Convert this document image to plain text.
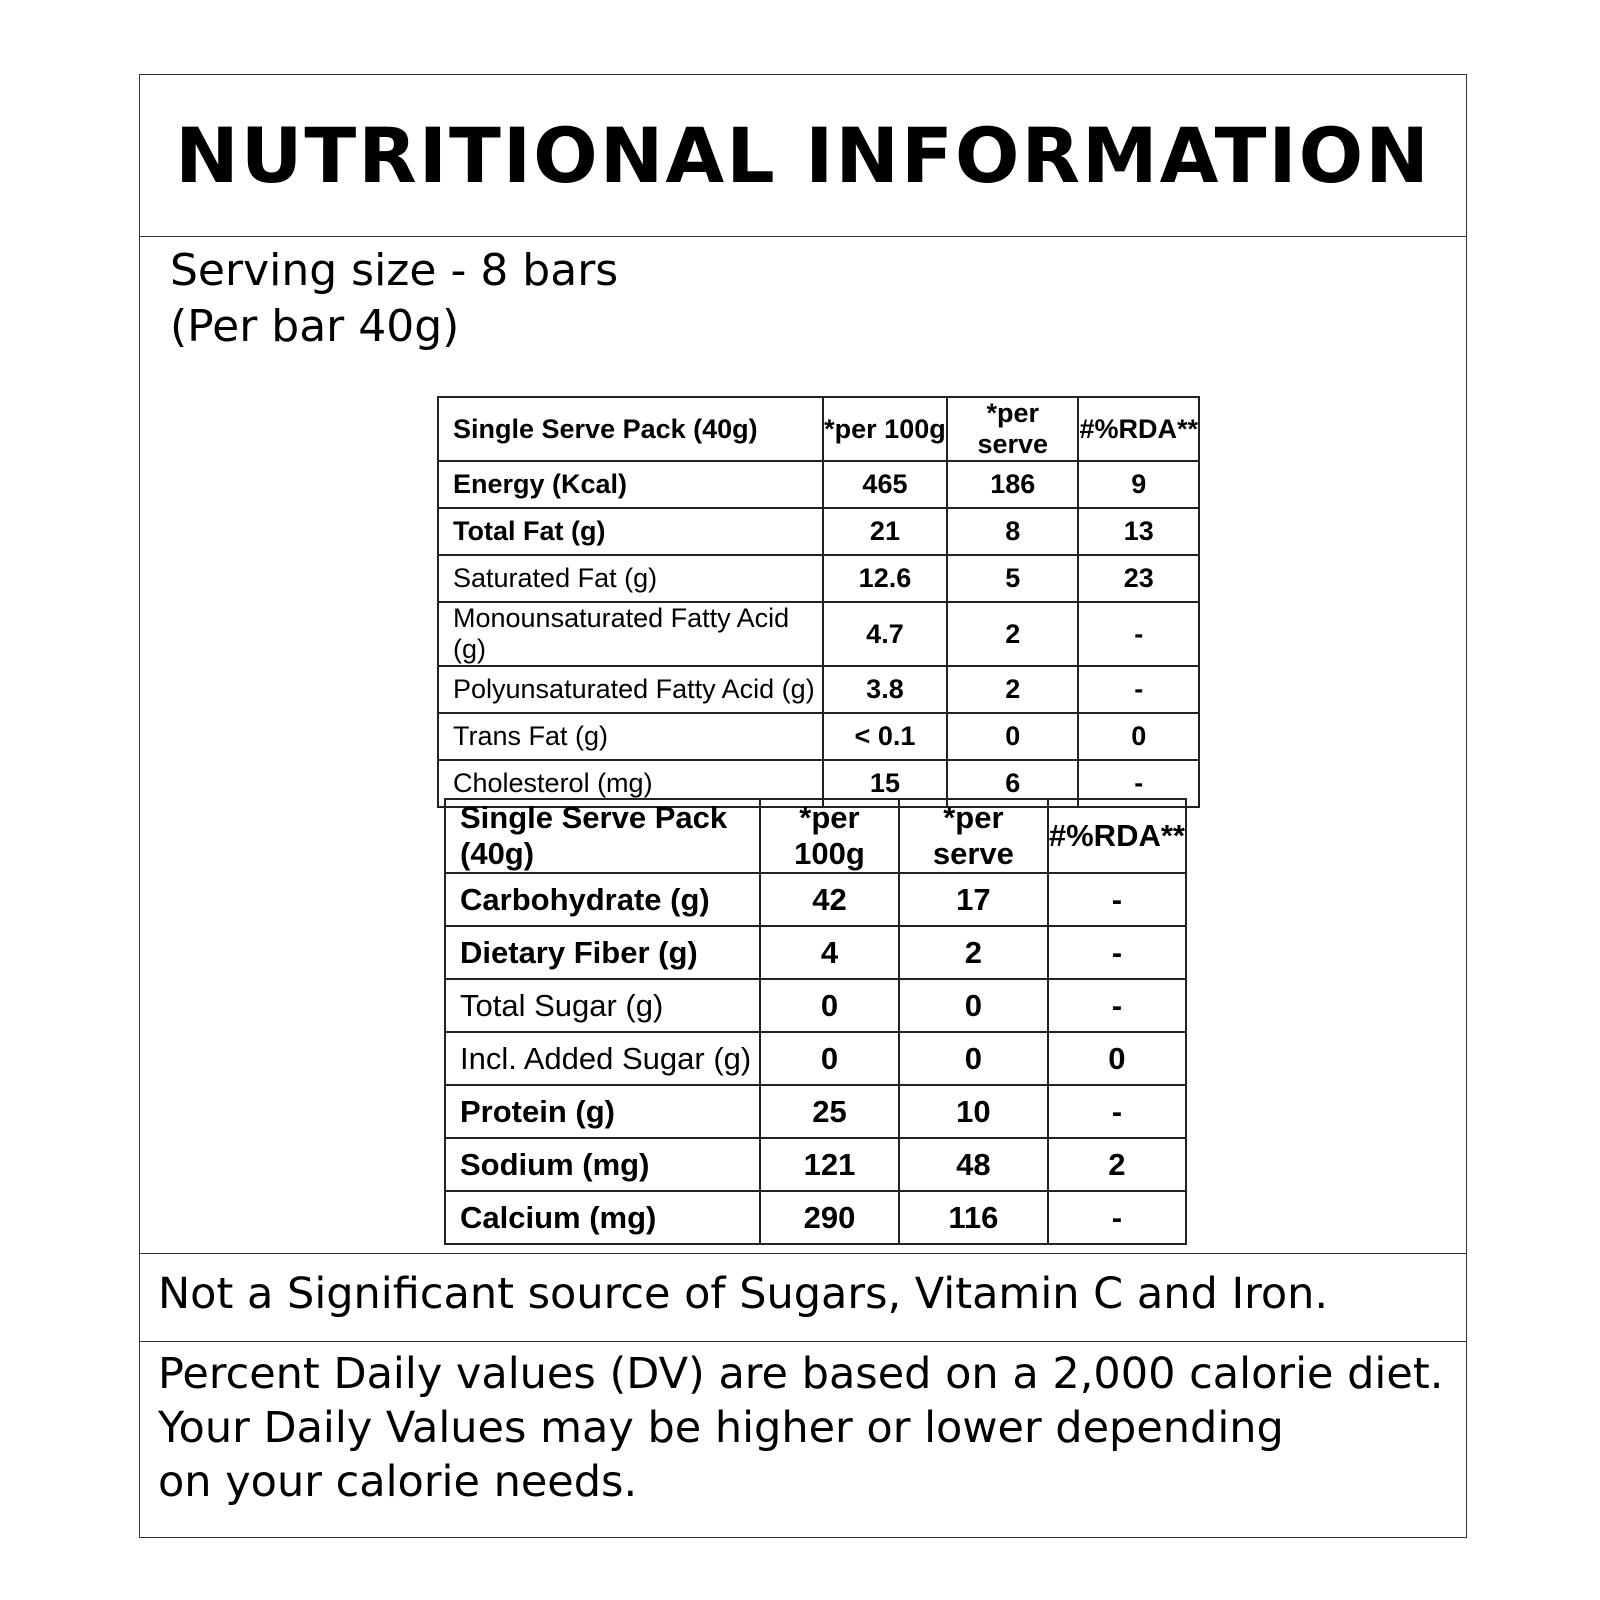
NUTRITIONAL INFORMATION
Serving size - 8 bars
(Per bar 40g)
Not a Significant source of Sugars, Vitamin C and Iron.
Percent Daily values (DV) are based on a 2,000 calorie diet.
Your Daily Values may be higher or lower depending
on your calorie needs.
Single Serve Pack (40g)	*per 100g	*per serve	#%RDA**
Energy (Kcal)	465	186	9
Total Fat (g)	21	8	13
Saturated Fat (g)	12.6	5	23
Monounsaturated Fatty Acid (g)	4.7	2	-
Polyunsaturated Fatty Acid (g)	3.8	2	-
Trans Fat (g)	< 0.1	0	0
Cholesterol (mg)	15	6	-
Single Serve Pack (40g)	*per 100g	*per serve	#%RDA**
Carbohydrate (g)	42	17	-
Dietary Fiber (g)	4	2	-
Total Sugar (g)	0	0	-
Incl. Added Sugar (g)	0	0	0
Protein (g)	25	10	-
Sodium (mg)	121	48	2
Calcium (mg)	290	116	-
